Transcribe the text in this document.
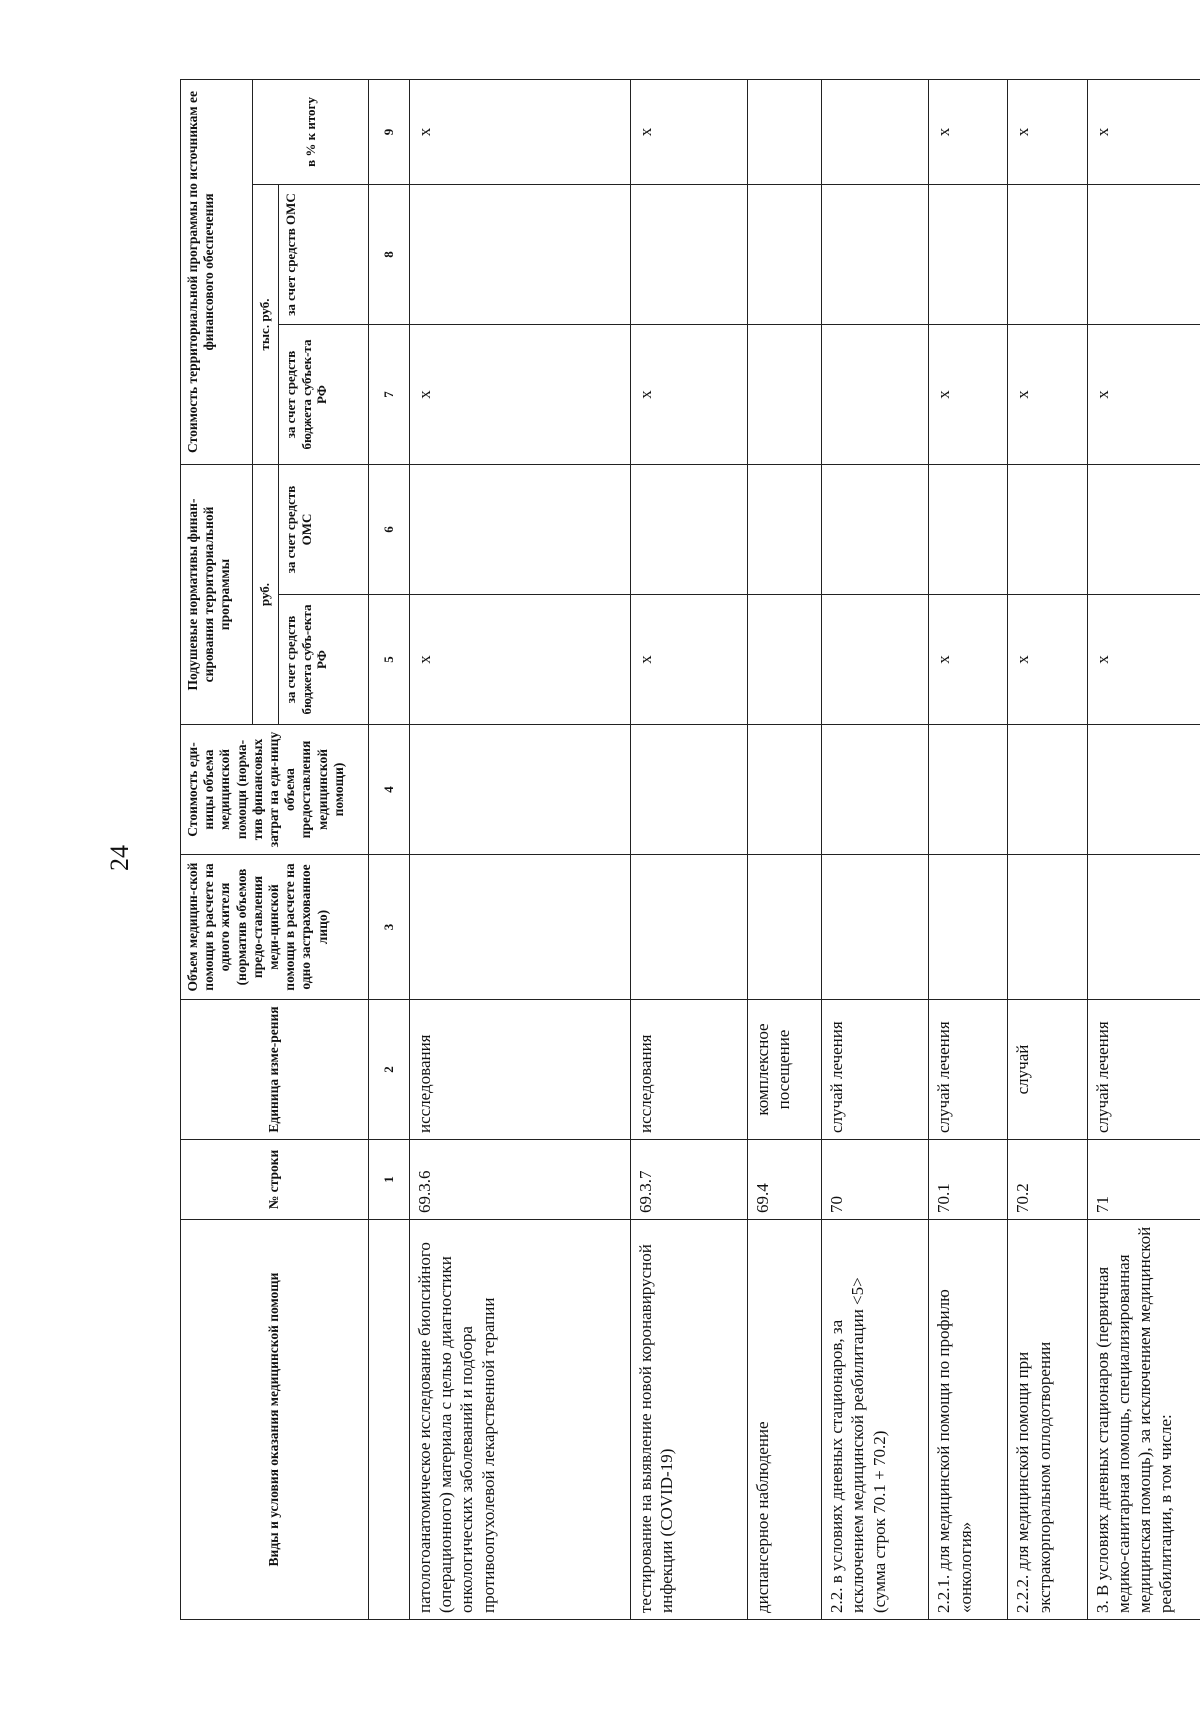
24
Виды и условия оказания медицинской помощи	№ строки	Единица изме-рения	Объем медицин-ской помощи в расчете на одного жителя (норматив объемов предо-ставления меди-цинской помощи в расчете на одно застрахованное лицо)	Стоимость еди-ницы объема медицинской помощи (норма-тив финансовых затрат на еди-ницу объема предоставления медицинской помощи)	Подушевые нормативы финан-сирования территориальной программы		Стоимость территориальной программы по источникам ее финансового обеспечения		
					руб.		тыс. руб.		в % к итогу
					за счет средств бюджета субъ-екта РФ	за счет средств ОМС	за счет средств бюджета субъек-та РФ	за счет средств ОМС	
	1	2	3	4	5	6	7	8	9
патологоанатомическое исследование биопсийного (операционного) материала с целью диагностики онкологических заболеваний и подбора противоопухолевой лекарственной терапии	69.3.6	исследования			х		х		х
тестирование на выявление новой коронавирусной инфекции (COVID-19)	69.3.7	исследования			х		х		х
диспансерное наблюдение	69.4	комплексное посещение							
2.2. в условиях дневных стационаров, за исключением медицинской реабилитации <5> (сумма строк 70.1 + 70.2)	70	случай лечения							
2.2.1. для медицинской помощи по профилю «онкология»	70.1	случай лечения			х		х		х
2.2.2. для медицинской помощи при экстракорпоральном оплодотворении	70.2	случай			х		х		х
3. В условиях дневных стационаров (первичная медико-санитарная помощь, специализированная медицинская помощь), за исключением медицинской реабилитации, в том числе:	71	случай лечения			х		х		х
